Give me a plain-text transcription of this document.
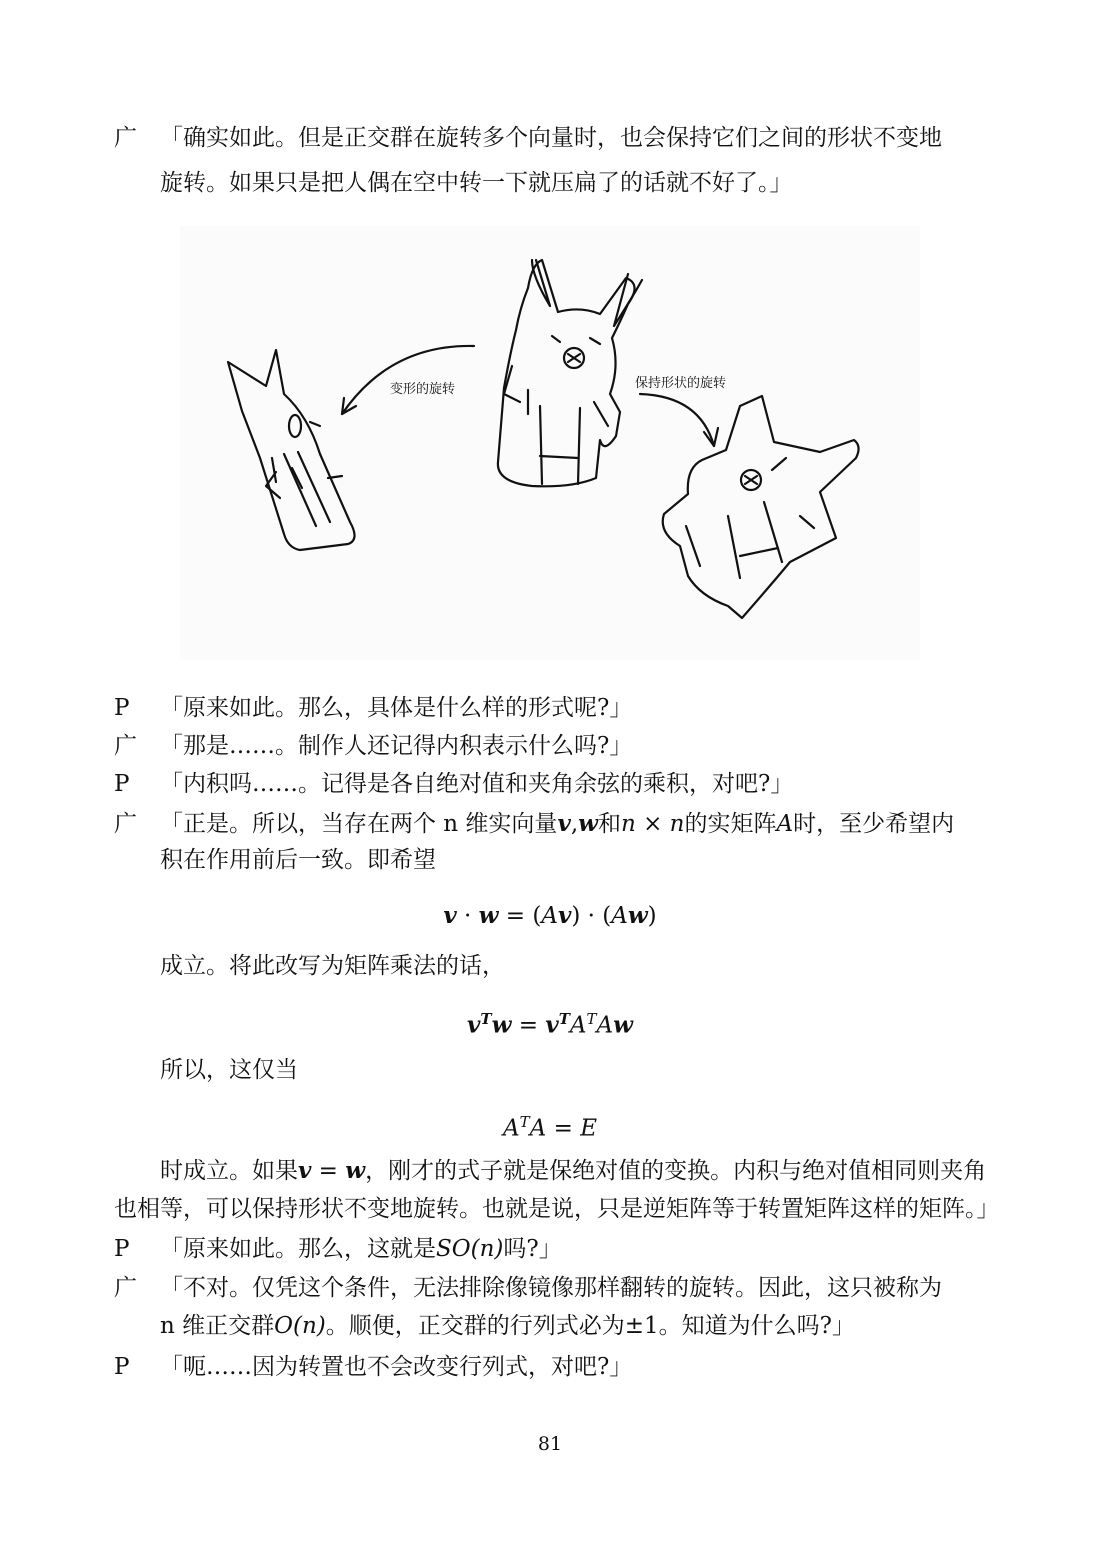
广 「确实如此。但是正交群在旋转多个向量时，也会保持它们之间的形状不变地
旋转。如果只是把人偶在空中转一下就压扁了的话就不好了。」
变形的旋转	保持形状的旋转
P 「原来如此。那么，具体是什么样的形式呢?」
广 「那是……。制作人还记得内积表示什么吗?」
P 「内积吗……。记得是各自绝对值和夹角余弦的乘积，对吧?」
广 「正是。所以，当存在两个 n 维实向量v,w和n × n的实矩阵A时，至少希望内
积在作用前后一致。即希望
v · w = (Av) · (Aw)
成立。将此改写为矩阵乘法的话，
$v^Tw = v^TA^TAw$
所以，这仅当
$A^TA = E$
时成立。如果v = w，刚才的式子就是保绝对值的变换。内积与绝对值相同则夹角
也相等，可以保持形状不变地旋转。也就是说，只是逆矩阵等于转置矩阵这样的矩阵。」
P 「原来如此。那么，这就是SO(n)吗?」
广 「不对。仅凭这个条件，无法排除像镜像那样翻转的旋转。因此，这只被称为
n 维正交群O(n)。顺便，正交群的行列式必为±1。知道为什么吗?」
P 「呃……因为转置也不会改变行列式，对吧?」
81
